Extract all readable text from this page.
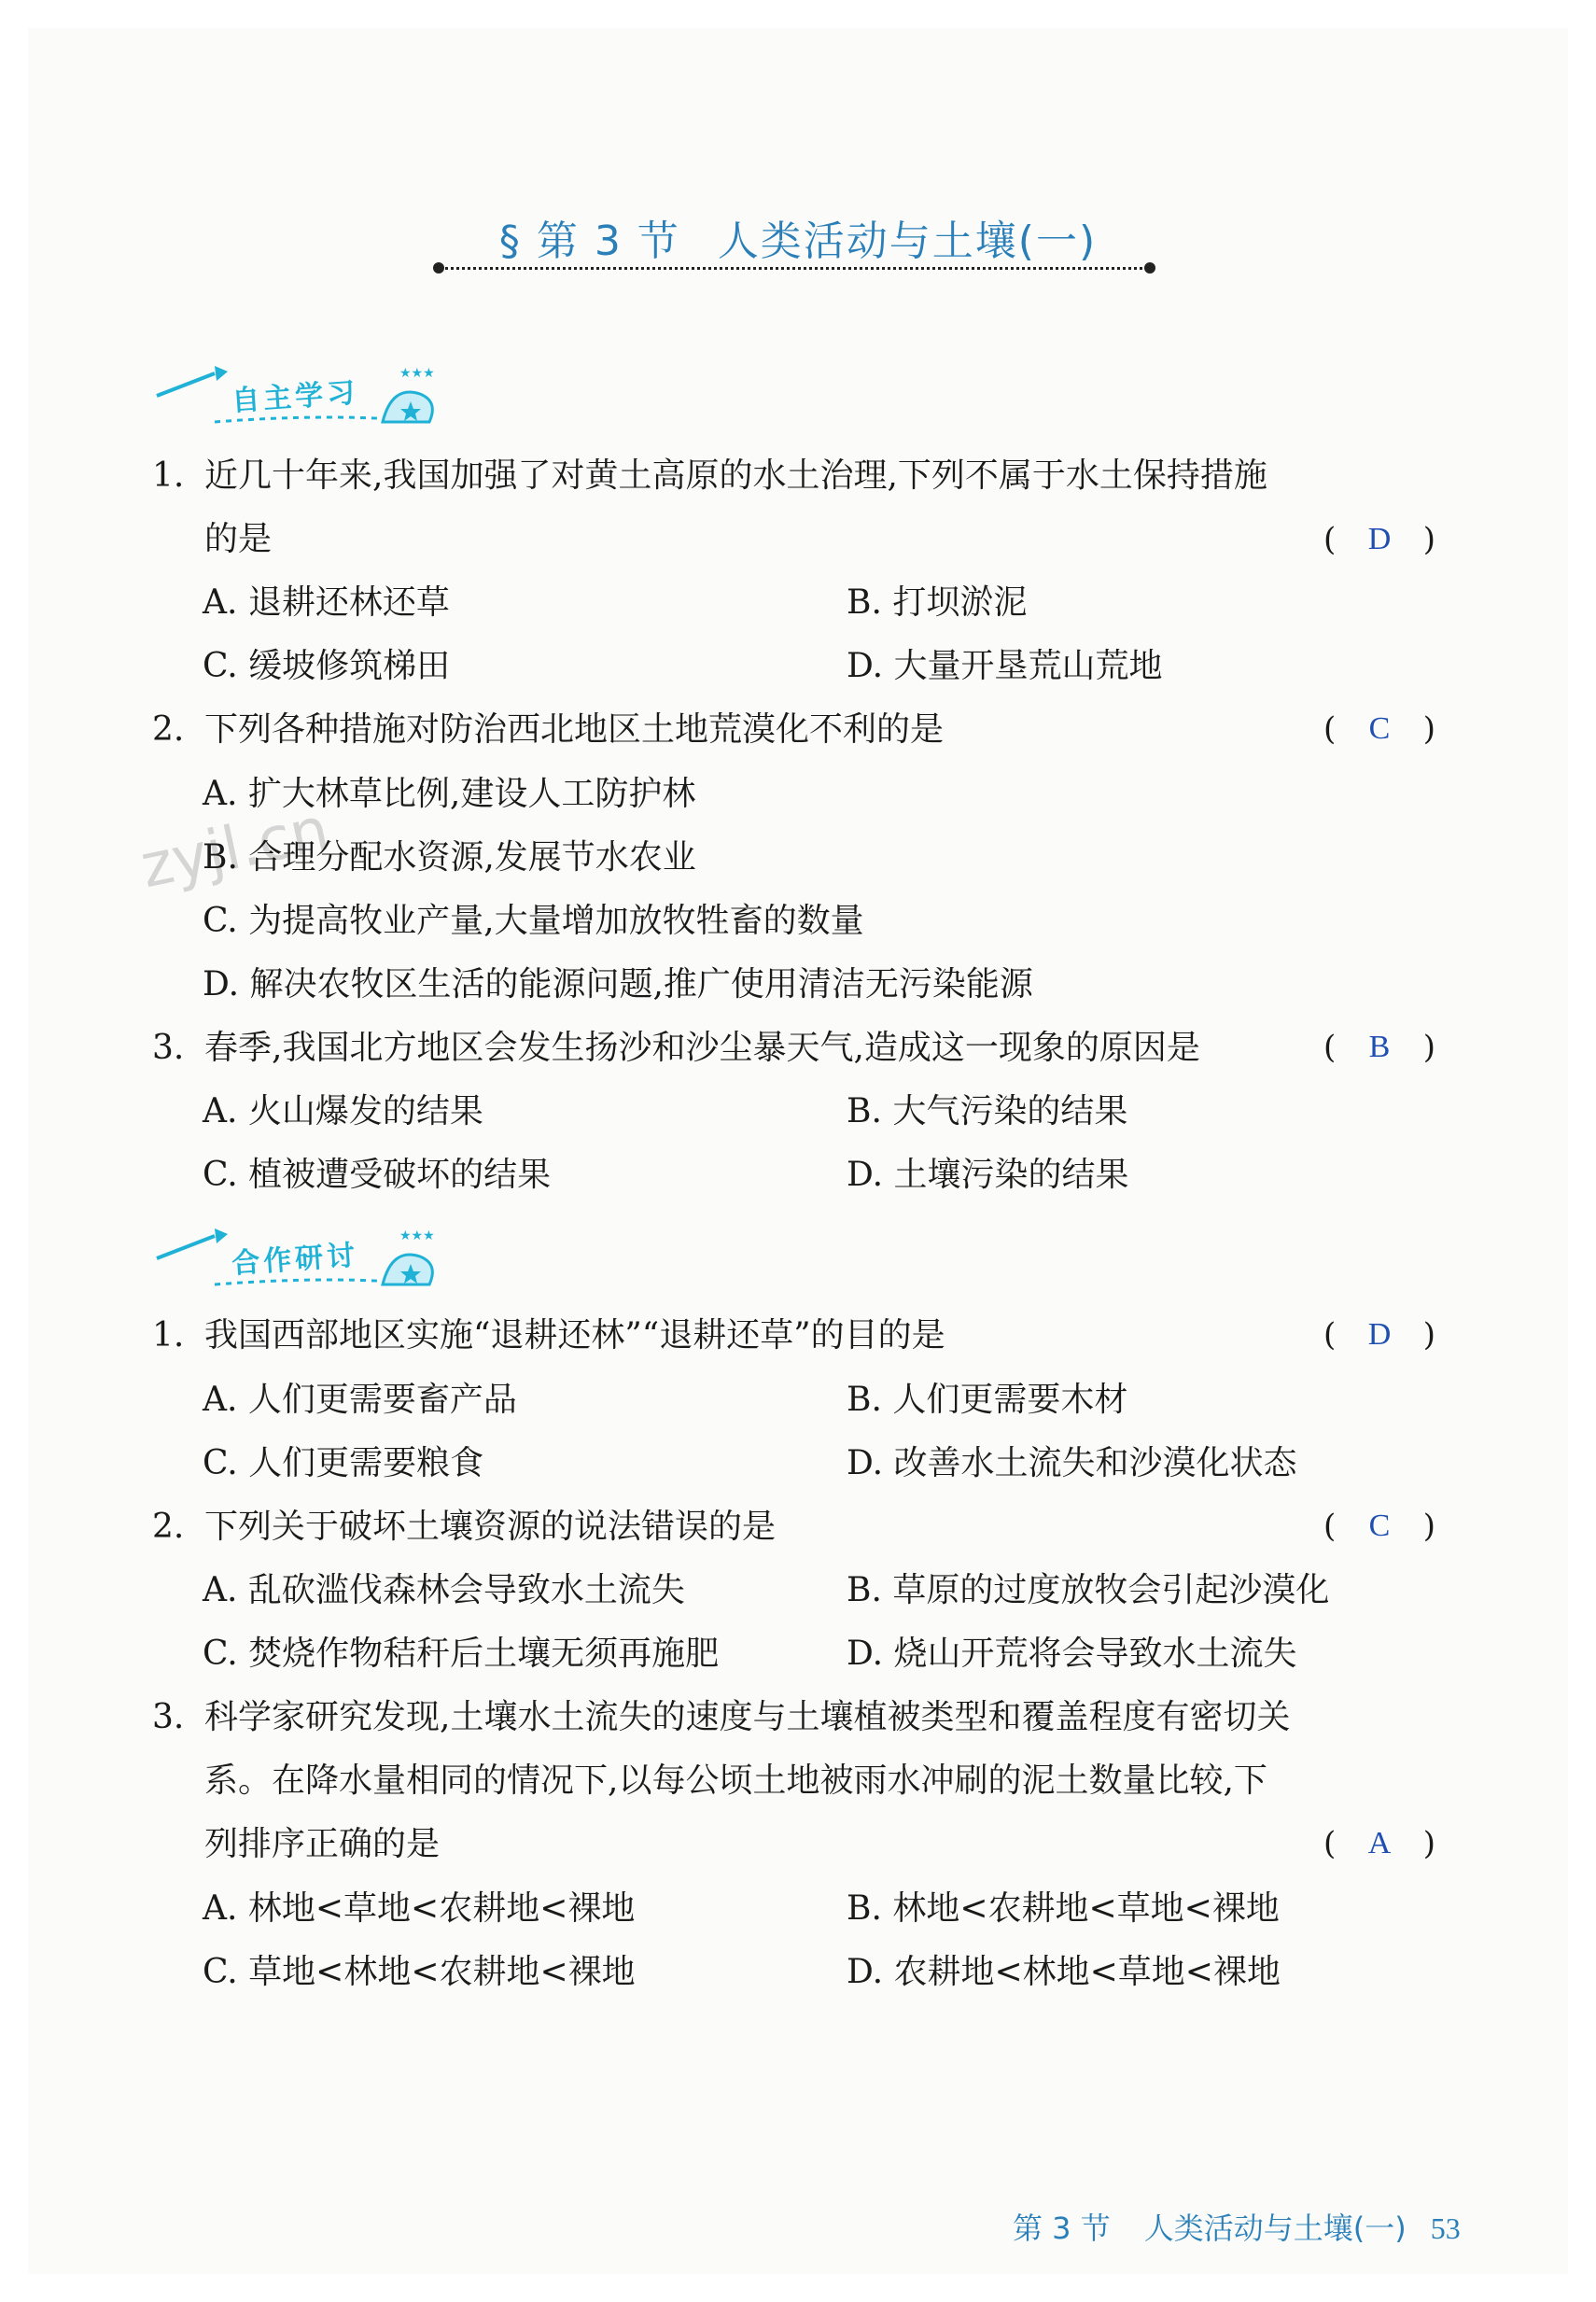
zyjl.cn
§ 第 3 节 人类活动与土壤(一)
★★★
自主学习
1. 近几十年来,我国加强了对黄土高原的水土治理,下列不属于水土保持措施
的是	( D )
A. 退耕还林还草	B. 打坝淤泥
C. 缓坡修筑梯田	D. 大量开垦荒山荒地
2. 下列各种措施对防治西北地区土地荒漠化不利的是	( C )
A. 扩大林草比例,建设人工防护林
B. 合理分配水资源,发展节水农业
C. 为提高牧业产量,大量增加放牧牲畜的数量
D. 解决农牧区生活的能源问题,推广使用清洁无污染能源
3. 春季,我国北方地区会发生扬沙和沙尘暴天气,造成这一现象的原因是	( B )
A. 火山爆发的结果	B. 大气污染的结果
C. 植被遭受破坏的结果	D. 土壤污染的结果
★★★
合作研讨
1. 我国西部地区实施“退耕还林”“退耕还草”的目的是	( D )
A. 人们更需要畜产品	B. 人们更需要木材
C. 人们更需要粮食	D. 改善水土流失和沙漠化状态
2. 下列关于破坏土壤资源的说法错误的是	( C )
A. 乱砍滥伐森林会导致水土流失	B. 草原的过度放牧会引起沙漠化
C. 焚烧作物秸秆后土壤无须再施肥	D. 烧山开荒将会导致水土流失
3. 科学家研究发现,土壤水土流失的速度与土壤植被类型和覆盖程度有密切关
系。在降水量相同的情况下,以每公顷土地被雨水冲刷的泥土数量比较,下
列排序正确的是	( A )
A. 林地<草地<农耕地<裸地	B. 林地<农耕地<草地<裸地
C. 草地<林地<农耕地<裸地	D. 农耕地<林地<草地<裸地
第 3 节 人类活动与土壤(一) 53
